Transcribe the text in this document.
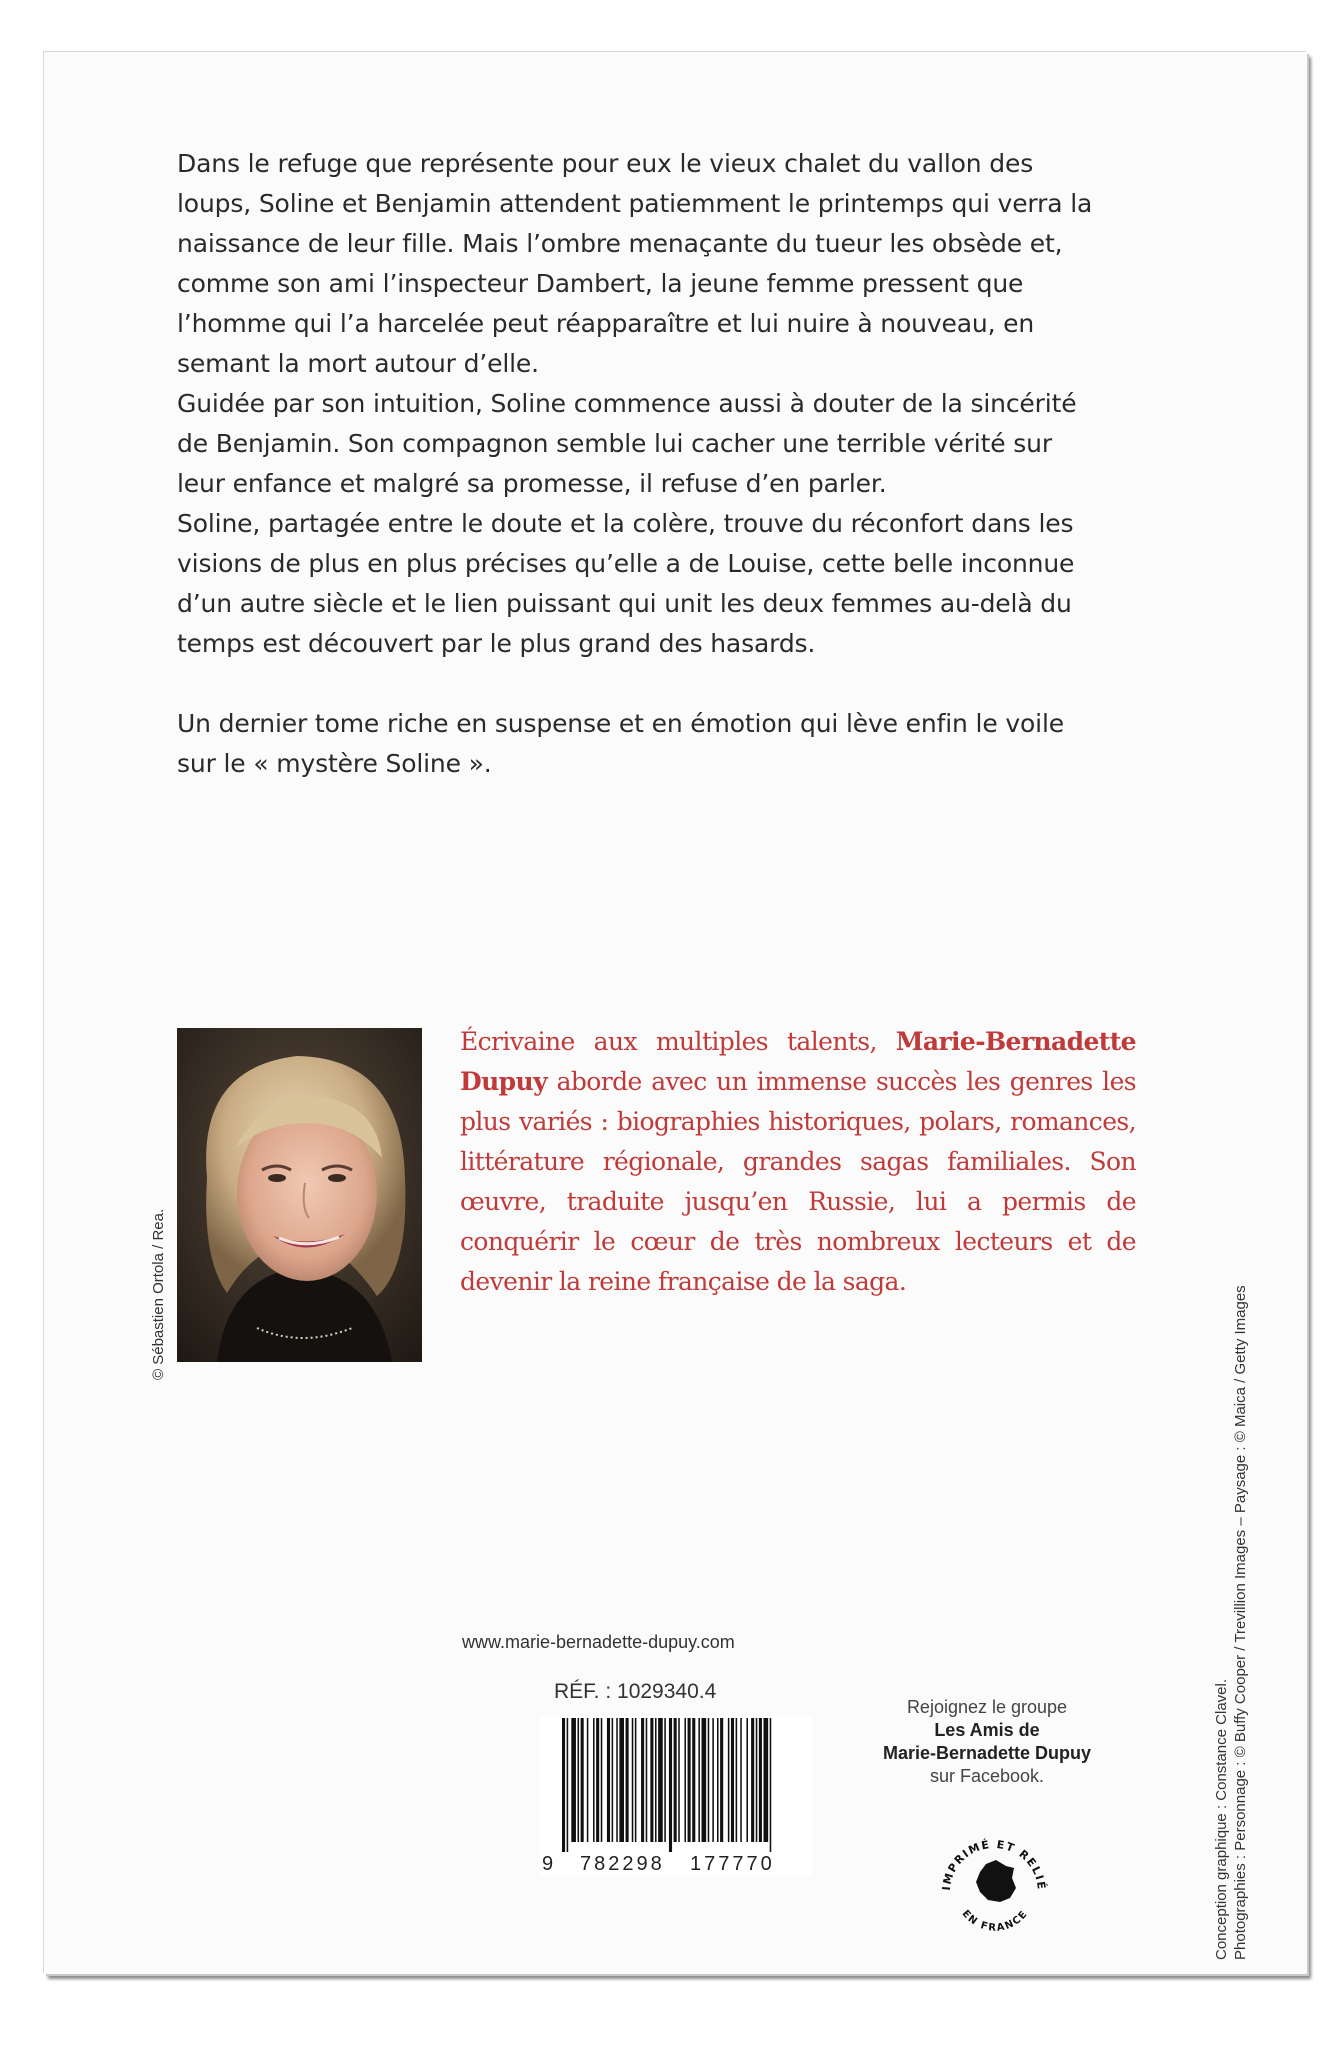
Dans le refuge que représente pour eux le vieux chalet du vallon des loups, Soline et Benjamin attendent patiemment le printemps qui verra la naissance de leur fille. Mais l’ombre menaçante du tueur les obsède et, comme son ami l’inspecteur Dambert, la jeune femme pressent que l’homme qui l’a harcelée peut réapparaître et lui nuire à nouveau, en semant la mort autour d’elle.

Guidée par son intuition, Soline commence aussi à douter de la sincérité de Benjamin. Son compagnon semble lui cacher une terrible vérité sur leur enfance et malgré sa promesse, il refuse d’en parler.

Soline, partagée entre le doute et la colère, trouve du réconfort dans les visions de plus en plus précises qu’elle a de Louise, cette belle inconnue d’un autre siècle et le lien puissant qui unit les deux femmes au-delà du temps est découvert par le plus grand des hasards.

Un dernier tome riche en suspense et en émotion qui lève enfin le voile sur le « mystère Soline ».

© Sébastien Ortola / Rea.
Écrivaine aux multiples talents, Marie-Bernadette Dupuy aborde avec un immense succès les genres les plus variés : biographies historiques, polars, romances, littérature régionale, grandes sagas familiales. Son œuvre, traduite jusqu’en Russie, lui a permis de conquérir le cœur de très nombreux lecteurs et de devenir la reine française de la saga.
www.marie-bernadette-dupuy.com
RÉF. : 1029340.4
9 782298 177770
Rejoignez le groupe
Les Amis de
Marie-Bernadette Dupuy
sur Facebook.
IMPRIMÉ ET RELIÉ
EN FRANCE	Conception graphique : Constance Clavel. Photographies : Personnage : © Buffy Cooper / Trevillion Images – Paysage : © Maica / Getty Images
